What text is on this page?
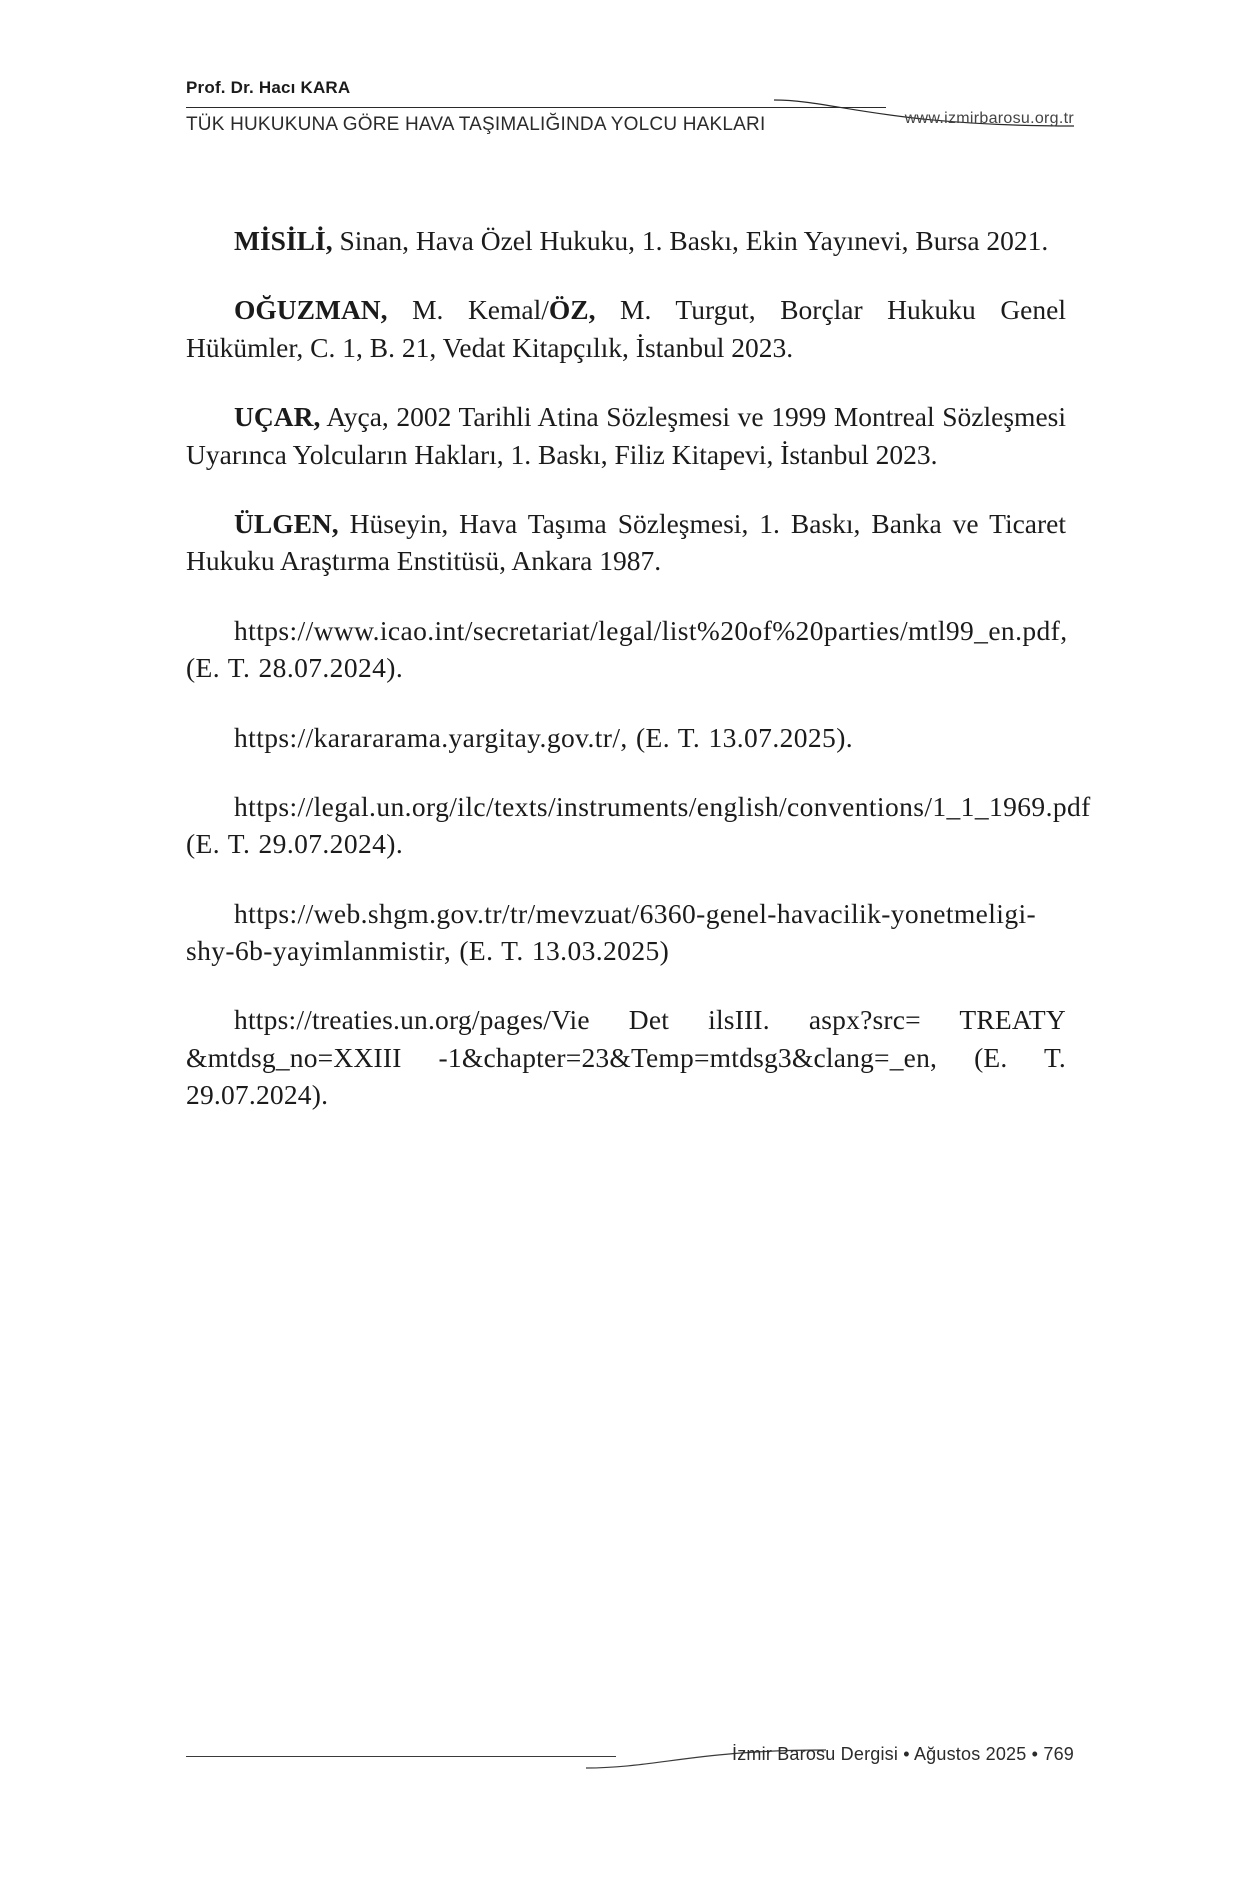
Prof. Dr. Hacı KARA
TÜK HUKUKUNA GÖRE HAVA TAŞIMALIĞINDA YOLCU HAKLARI	www.izmirbarosu.org.tr

MİSİLİ, Sinan, Hava Özel Hukuku, 1. Baskı, Ekin Yayınevi, Bursa 2021.

OĞUZMAN, M. Kemal/ÖZ, M. Turgut, Borçlar Hukuku Genel Hükümler, C. 1, B. 21, Vedat Kitapçılık, İstanbul 2023.

UÇAR, Ayça, 2002 Tarihli Atina Sözleşmesi ve 1999 Montreal Sözleşmesi Uyarınca Yolcuların Hakları, 1. Baskı, Filiz Kitapevi, İstanbul 2023.

ÜLGEN, Hüseyin, Hava Taşıma Sözleşmesi, 1. Baskı, Banka ve Ticaret Hukuku Araştırma Enstitüsü, Ankara 1987.

https://www.icao.int/secretariat/legal/list%20of%20parties/mtl99_en.pdf, (E. T. 28.07.2024).

https://karararama.yargitay.gov.tr/, (E. T. 13.07.2025).

https://legal.un.org/ilc/texts/instruments/english/conventions/1_1_1969.pdf (E. T. 29.07.2024).

https://web.shgm.gov.tr/tr/mevzuat/6360-genel-havacilik-yonetmeligi-shy-6b-yayimlanmistir, (E. T. 13.03.2025)

https://treaties.un.org/pages/Vie Det ilsIII. aspx?src= TREATY &mtdsg_no=XXIII -1&chapter=23&Temp=mtdsg3&clang=_en, (E. T. 29.07.2024).

İzmir Barosu Dergisi • Ağustos 2025 • 769
